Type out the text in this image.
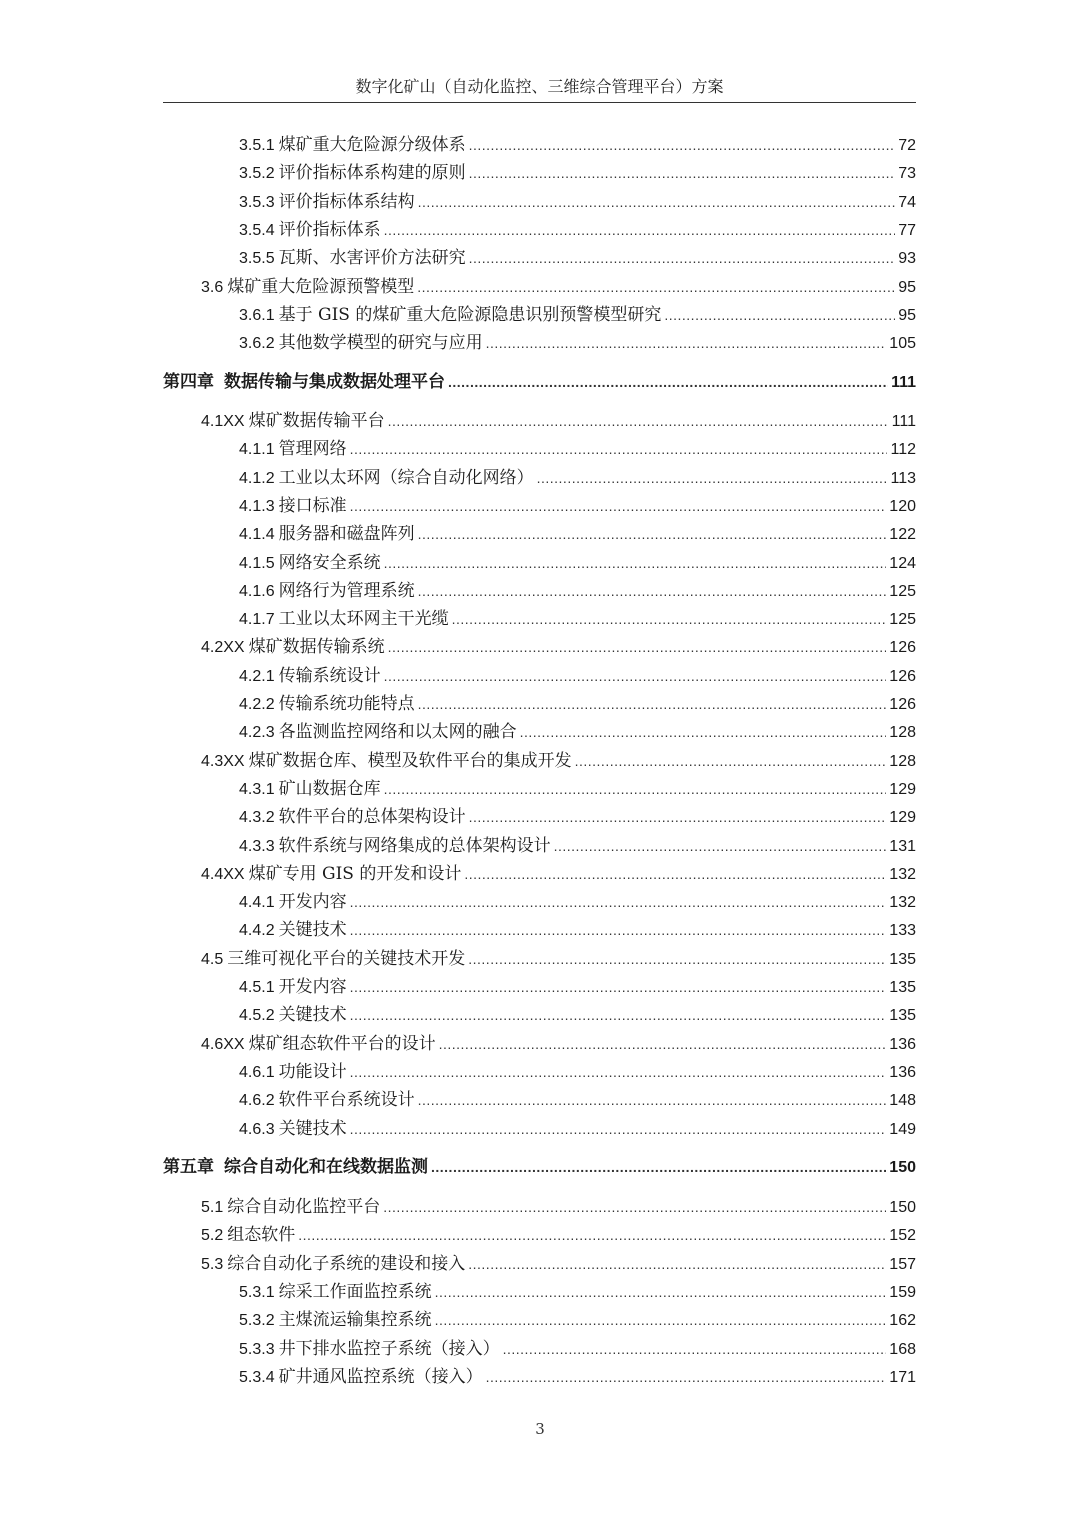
数字化矿山（自动化监控、三维综合管理平台）方案
3.5.1 煤矿重大危险源分级体系 .....	72
3.5.2 评价指标体系构建的原则 .....	73
3.5.3 评价指标体系结构 .....	74
3.5.4 评价指标体系 .....	77
3.5.5 瓦斯、水害评价方法研究 .....	93
3.6 煤矿重大危险源预警模型 .....	95
3.6.1 基于 GIS 的煤矿重大危险源隐患识别预警模型研究 .....	95
3.6.2 其他数学模型的研究与应用 .....	105
第四章 数据传输与集成数据处理平台 .....	111
4.1XX 煤矿数据传输平台 .....	111
4.1.1 管理网络 .....	112
4.1.2 工业以太环网（综合自动化网络） .....	113
4.1.3 接口标准 .....	120
4.1.4 服务器和磁盘阵列 .....	122
4.1.5 网络安全系统 .....	124
4.1.6 网络行为管理系统 .....	125
4.1.7 工业以太环网主干光缆 .....	125
4.2XX 煤矿数据传输系统 .....	126
4.2.1 传输系统设计 .....	126
4.2.2 传输系统功能特点 .....	126
4.2.3 各监测监控网络和以太网的融合 .....	128
4.3XX 煤矿数据仓库、模型及软件平台的集成开发 .....	128
4.3.1 矿山数据仓库 .....	129
4.3.2 软件平台的总体架构设计 .....	129
4.3.3 软件系统与网络集成的总体架构设计 .....	131
4.4XX 煤矿专用 GIS 的开发和设计 .....	132
4.4.1 开发内容 .....	132
4.4.2 关键技术 .....	133
4.5 三维可视化平台的关键技术开发 .....	135
4.5.1 开发内容 .....	135
4.5.2 关键技术 .....	135
4.6XX 煤矿组态软件平台的设计 .....	136
4.6.1 功能设计 .....	136
4.6.2 软件平台系统设计 .....	148
4.6.3 关键技术 .....	149
第五章 综合自动化和在线数据监测 .....	150
5.1 综合自动化监控平台 .....	150
5.2 组态软件 .....	152
5.3 综合自动化子系统的建设和接入 .....	157
5.3.1 综采工作面监控系统 .....	159
5.3.2 主煤流运输集控系统 .....	162
5.3.3 井下排水监控子系统（接入） .....	168
5.3.4 矿井通风监控系统（接入） .....	171
3
